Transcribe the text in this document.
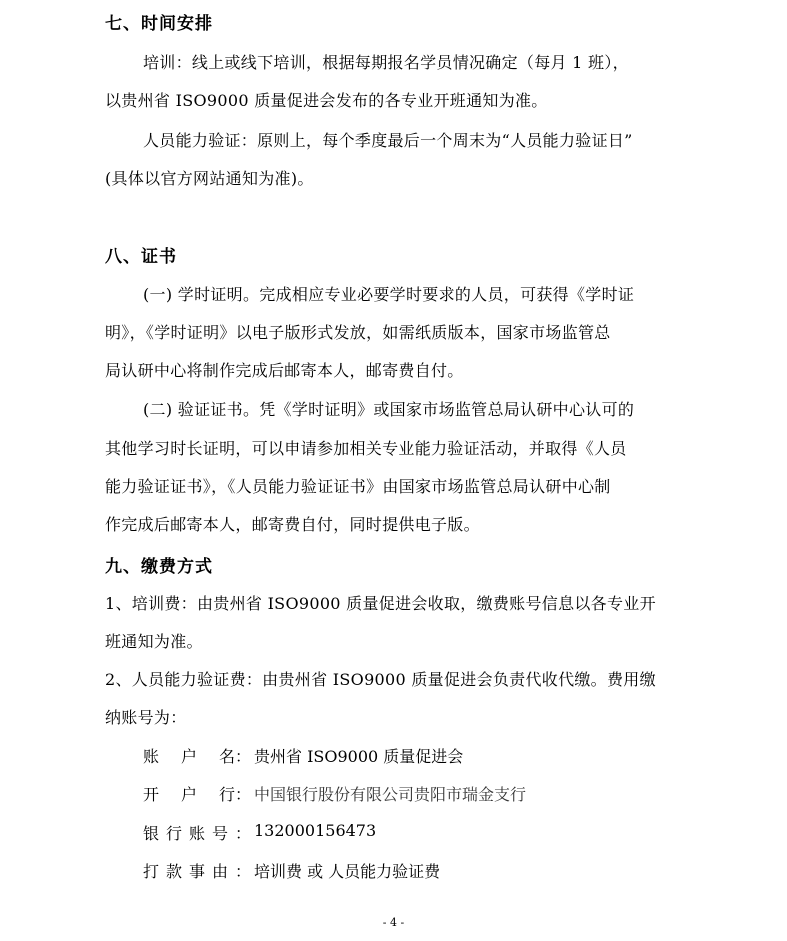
七、时间安排
培训：线上或线下培训，根据每期报名学员情况确定（每月 1 班），
以贵州省 ISO9000 质量促进会发布的各专业开班通知为准。
人员能力验证：原则上，每个季度最后一个周末为“人员能力验证日”
(具体以官方网站通知为准)。
八、证书
(一) 学时证明。完成相应专业必要学时要求的人员，可获得《学时证
明》，《学时证明》以电子版形式发放，如需纸质版本，国家市场监管总
局认研中心将制作完成后邮寄本人，邮寄费自付。
(二) 验证证书。凭《学时证明》或国家市场监管总局认研中心认可的
其他学习时长证明，可以申请参加相关专业能力验证活动，并取得《人员
能力验证证书》，《人员能力验证证书》由国家市场监管总局认研中心制
作完成后邮寄本人，邮寄费自付，同时提供电子版。
九、缴费方式
1、培训费：由贵州省 ISO9000 质量促进会收取，缴费账号信息以各专业开
班通知为准。
2、人员能力验证费：由贵州省 ISO9000 质量促进会负责代收代缴。费用缴
纳账号为：
账 户 名： 贵州省 ISO9000 质量促进会
开 户 行： 中国银行股份有限公司贵阳市瑞金支行
银 行 账 号 ： 132000156473
打 款 事 由 ： 培训费 或 人员能力验证费
- 4 -
